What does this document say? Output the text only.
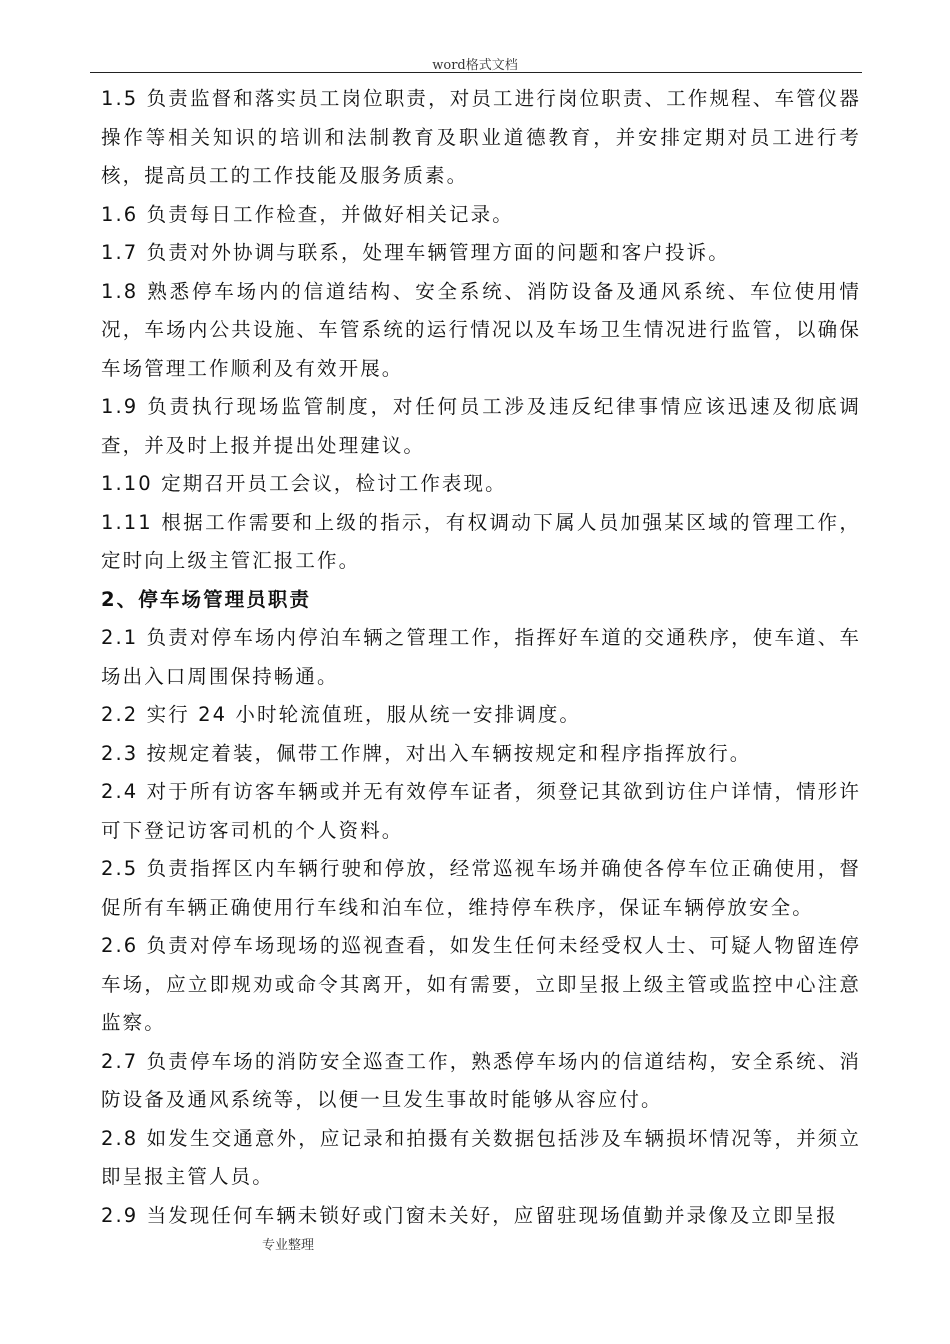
word格式文档

1.5 负责监督和落实员工岗位职责，对员工进行岗位职责、工作规程、车管仪器操作等相关知识的培训和法制教育及职业道德教育，并安排定期对员工进行考核，提高员工的工作技能及服务质素。

1.6 负责每日工作检查，并做好相关记录。

1.7 负责对外协调与联系，处理车辆管理方面的问题和客户投诉。

1.8 熟悉停车场内的信道结构、安全系统、消防设备及通风系统、车位使用情况，车场内公共设施、车管系统的运行情况以及车场卫生情况进行监管，以确保车场管理工作顺利及有效开展。

1.9 负责执行现场监管制度，对任何员工涉及违反纪律事情应该迅速及彻底调查，并及时上报并提出处理建议。

1.10 定期召开员工会议，检讨工作表现。

1.11 根据工作需要和上级的指示，有权调动下属人员加强某区域的管理工作，定时向上级主管汇报工作。

2、停车场管理员职责

2.1 负责对停车场内停泊车辆之管理工作，指挥好车道的交通秩序，使车道、车场出入口周围保持畅通。

2.2 实行 24 小时轮流值班，服从统一安排调度。

2.3 按规定着装，佩带工作牌，对出入车辆按规定和程序指挥放行。

2.4 对于所有访客车辆或并无有效停车证者，须登记其欲到访住户详情，情形许可下登记访客司机的个人资料。

2.5 负责指挥区内车辆行驶和停放，经常巡视车场并确使各停车位正确使用，督促所有车辆正确使用行车线和泊车位，维持停车秩序，保证车辆停放安全。

2.6 负责对停车场现场的巡视查看，如发生任何未经受权人士、可疑人物留连停车场，应立即规劝或命令其离开，如有需要，立即呈报上级主管或监控中心注意监察。

2.7 负责停车场的消防安全巡查工作，熟悉停车场内的信道结构，安全系统、消防设备及通风系统等，以便一旦发生事故时能够从容应付。

2.8 如发生交通意外，应记录和拍摄有关数据包括涉及车辆损坏情况等，并须立即呈报主管人员。

2.9 当发现任何车辆未锁好或门窗未关好，应留驻现场值勤并录像及立即呈报

专业整理
